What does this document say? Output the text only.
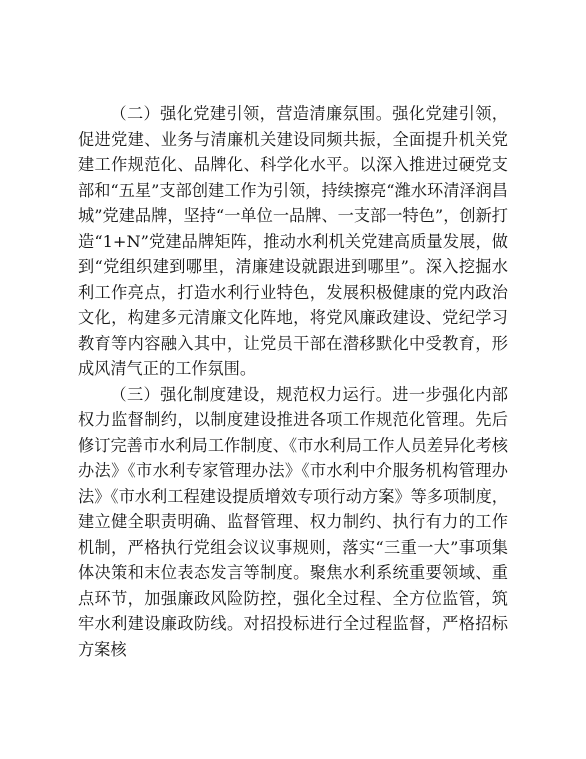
（二）强化党建引领，营造清廉氛围。强化党建引领，促进党建、业务与清廉机关建设同频共振，全面提升机关党建工作规范化、品牌化、科学化水平。以深入推进过硬党支部和“五星”支部创建工作为引领，持续擦亮“潍水环清泽润昌城”党建品牌，坚持“一单位一品牌、一支部一特色”，创新打造“1+N”党建品牌矩阵，推动水利机关党建高质量发展，做到“党组织建到哪里，清廉建设就跟进到哪里”。深入挖掘水利工作亮点，打造水利行业特色，发展积极健康的党内政治文化，构建多元清廉文化阵地，将党风廉政建设、党纪学习教育等内容融入其中，让党员干部在潜移默化中受教育，形成风清气正的工作氛围。

（三）强化制度建设，规范权力运行。进一步强化内部权力监督制约，以制度建设推进各项工作规范化管理。先后修订完善市水利局工作制度、《市水利局工作人员差异化考核办法》《市水利专家管理办法》《市水利中介服务机构管理办法》《市水利工程建设提质增效专项行动方案》等多项制度，建立健全职责明确、监督管理、权力制约、执行有力的工作机制，严格执行党组会议议事规则，落实“三重一大”事项集体决策和末位表态发言等制度。聚焦水利系统重要领域、重点环节，加强廉政风险防控，强化全过程、全方位监管，筑牢水利建设廉政防线。对招投标进行全过程监督，严格招标方案核
